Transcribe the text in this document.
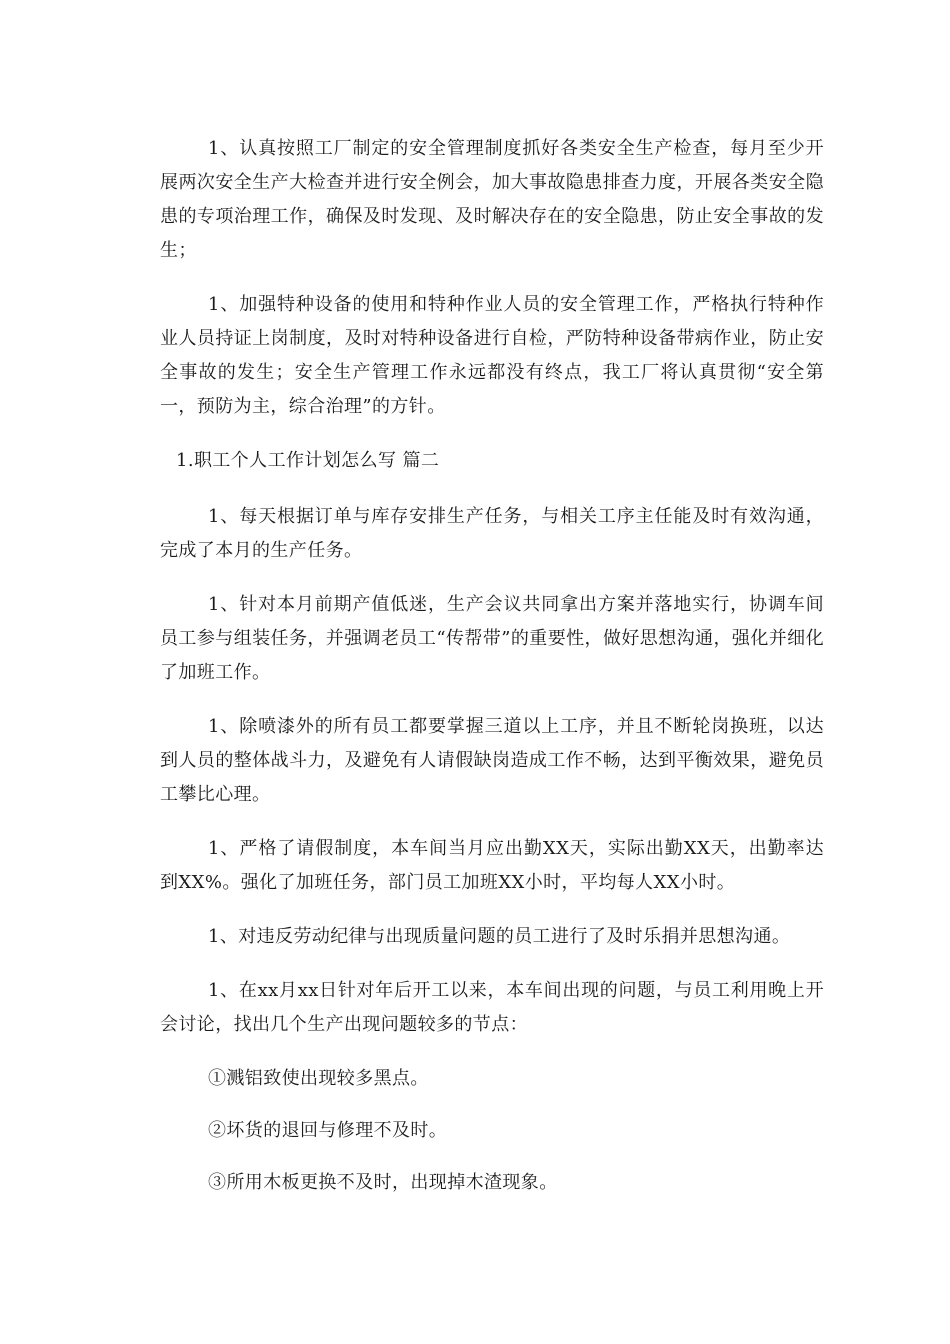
1、认真按照工厂制定的安全管理制度抓好各类安全生产检查，每月至少开展两次安全生产大检查并进行安全例会，加大事故隐患排查力度，开展各类安全隐患的专项治理工作，确保及时发现、及时解决存在的安全隐患，防止安全事故的发生；

1、加强特种设备的使用和特种作业人员的安全管理工作，严格执行特种作业人员持证上岗制度，及时对特种设备进行自检，严防特种设备带病作业，防止安全事故的发生；安全生产管理工作永远都没有终点，我工厂将认真贯彻“安全第一，预防为主，综合治理”的方针。

1.职工个人工作计划怎么写 篇二

1、每天根据订单与库存安排生产任务，与相关工序主任能及时有效沟通，完成了本月的生产任务。

1、针对本月前期产值低迷，生产会议共同拿出方案并落地实行，协调车间员工参与组装任务，并强调老员工“传帮带”的重要性，做好思想沟通，强化并细化了加班工作。

1、除喷漆外的所有员工都要掌握三道以上工序，并且不断轮岗换班，以达到人员的整体战斗力，及避免有人请假缺岗造成工作不畅，达到平衡效果，避免员工攀比心理。

1、严格了请假制度，本车间当月应出勤XX天，实际出勤XX天，出勤率达到XX%。强化了加班任务，部门员工加班XX小时，平均每人XX小时。

1、对违反劳动纪律与出现质量问题的员工进行了及时乐捐并思想沟通。

1、在xx月xx日针对年后开工以来，本车间出现的问题，与员工利用晚上开会讨论，找出几个生产出现问题较多的节点：

①溅铝致使出现较多黑点。

②坏货的退回与修理不及时。

③所用木板更换不及时，出现掉木渣现象。
